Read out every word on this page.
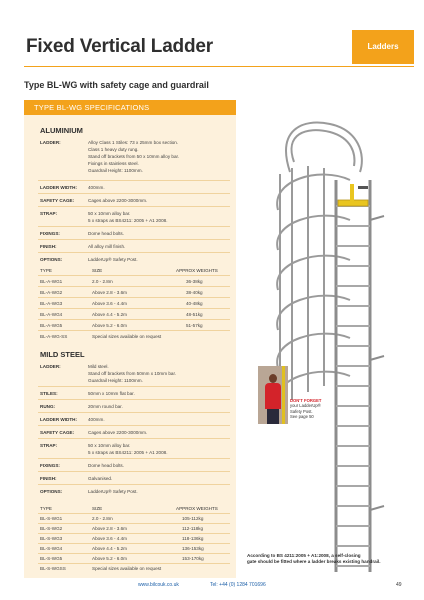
Fixed Vertical Ladder	Ladders
Type BL-WG with safety cage and guardrail
TYPE BL-WG SPECIFICATIONS
ALUMINIUM
LADDER:	Alloy Class 1 Stiles: 73 x 25mm box section.
Class 1 heavy duty rung.
Stand off brackets from 50 x 10mm alloy bar.
Fixings in stainless steel.
Guardrail Height: 1100mm.
LADDER WIDTH: 400mm.
SAFETY CAGE:	Cages above 2200-3000mm.
STRAP:	50 x 10mm alloy bar.
5 x straps as BS4211: 2005 + A1 2008.
FIXINGS:	Dome head bolts.
FINISH:	All alloy mill finish.
OPTIONS:	LadderUp® Safety Post.
TYPE	SIZE	APPROX WEIGHTS
BL-A-WG1	2.0 - 2.8m	36-38kg
BL-A-WG2	Above 2.8 - 3.6m	38-40kg
BL-A-WG3	Above 3.6 - 4.4m	40-48kg
BL-A-WG4	Above 4.4 - 5.2m	48-51kg
BL-A-WG5	Above 5.2 - 6.0m	51-57kg
BL-A-WG-SS	Special sizes available on request
MILD STEEL
LADDER:	Mild steel.
Stand off brackets from 50mm x 10mm bar.
Guardrail Height: 1100mm.
STILES:	50mm x 10mm flat bar.
RUNG:	20mm round bar.
LADDER WIDTH: 400mm.
SAFETY CAGE:	Cages above 2200-3000mm.
STRAP:	50 x 10mm alloy bar.
5 x straps as BS4211: 2005 + A1 2008.
FIXINGS:	Dome head bolts.
FINISH:	Galvanised.
OPTIONS:	LadderUp® Safety Post.
TYPE	SIZE	APPROX WEIGHTS
BL-S-WG1	2.0 - 2.8m	105-112kg
BL-S-WG2	Above 2.8 - 3.6m	112-118kg
BL-S-WG3	Above 3.6 - 4.4m	118-136kg
BL-S-WG4	Above 4.4 - 5.2m	136-153kg
BL-S-WG5	Above 5.2 - 6.0m	153-170kg
BL-S-WGSS	Special sizes available on request
DON'T FORGET
your LadderUp®
Safety Post.
See page 50
According to BS 4211:2005 + A1:2008, a self-closing
gate should be fitted where a ladder breaks existing handrail.
www.bilcouk.co.uk	Tel: +44 (0) 1284 701696	49
